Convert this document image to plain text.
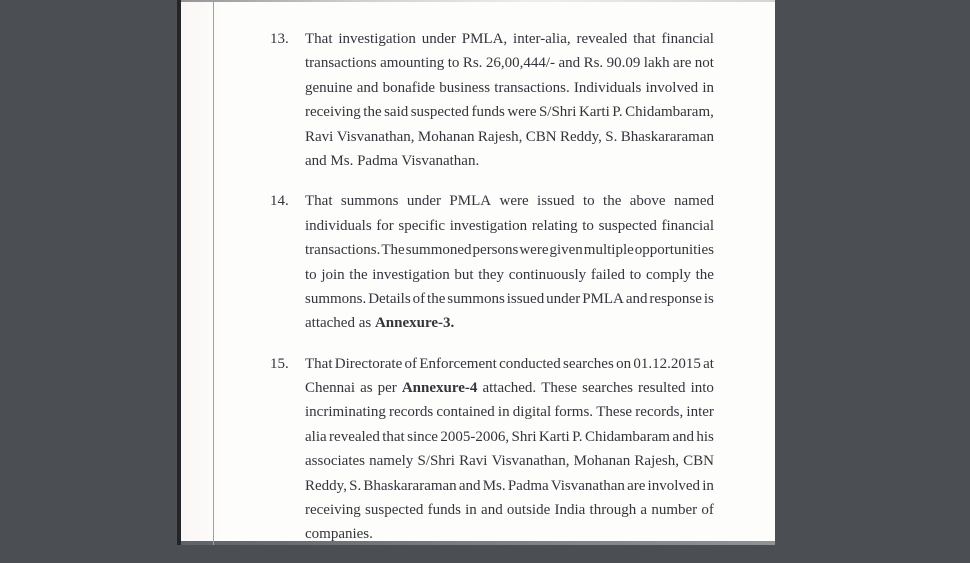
13.	That investigation under PMLA, inter-alia, revealed that financial
transactions amounting to Rs. 26,00,444/- and Rs. 90.09 lakh are not
genuine and bonafide business transactions. Individuals involved in
receiving the said suspected funds were S/Shri Karti P. Chidambaram,
Ravi Visvanathan, Mohanan Rajesh, CBN Reddy, S. Bhaskararaman
and Ms. Padma Visvanathan.
14.	That summons under PMLA were issued to the above named
individuals for specific investigation relating to suspected financial
transactions. The summoned persons were given multiple opportunities
to join the investigation but they continuously failed to comply the
summons. Details of the summons issued under PMLA and response is
attached as Annexure-3.
15.	That Directorate of Enforcement conducted searches on 01.12.2015 at
Chennai as per Annexure-4 attached. These searches resulted into
incriminating records contained in digital forms. These records, inter
alia revealed that since 2005-2006, Shri Karti P. Chidambaram and his
associates namely S/Shri Ravi Visvanathan, Mohanan Rajesh, CBN
Reddy, S. Bhaskararaman and Ms. Padma Visvanathan are involved in
receiving suspected funds in and outside India through a number of
companies.
